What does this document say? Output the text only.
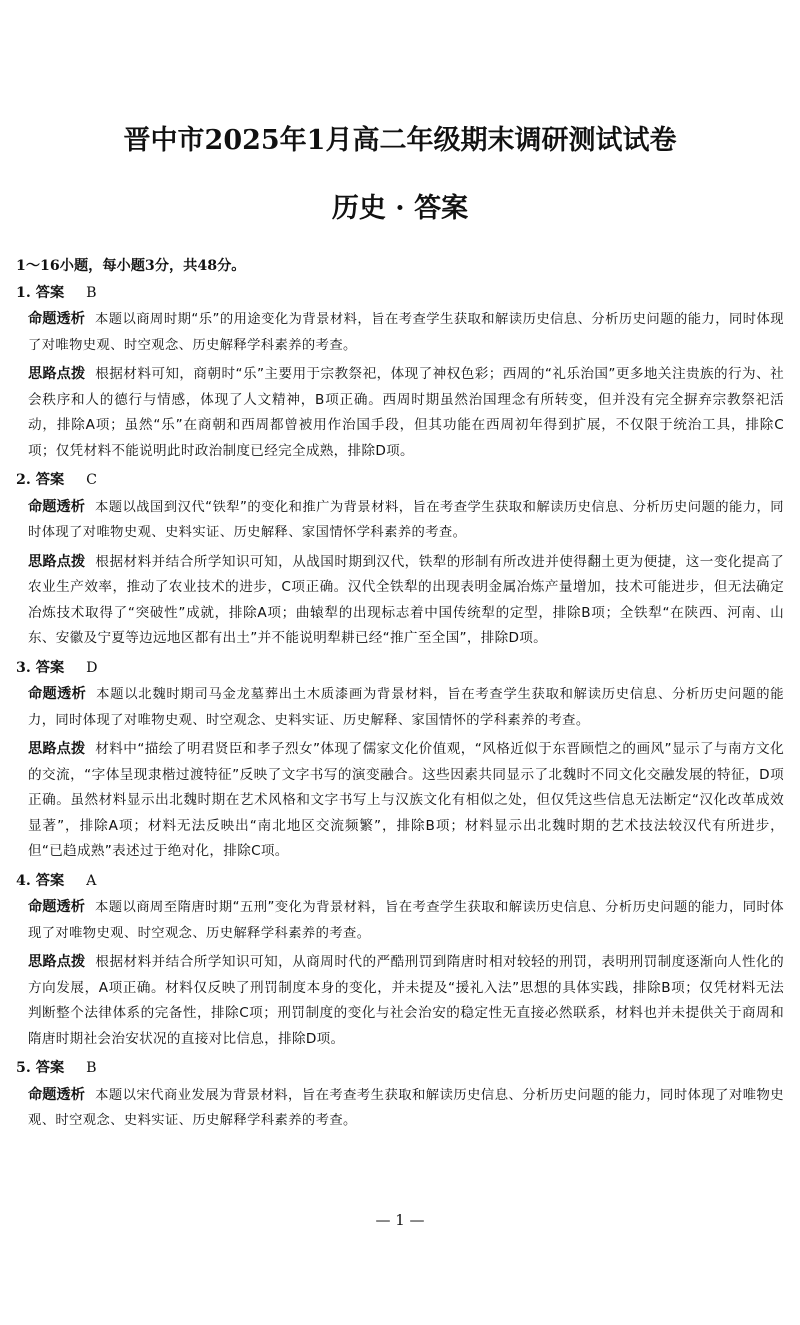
晋中市2025年1月高二年级期末调研测试试卷
历史 · 答案
1～16小题，每小题3分，共48分。
1. 答案 B
命题透析 本题以商周时期“乐”的用途变化为背景材料，旨在考查学生获取和解读历史信息、分析历史问题的能力，同时体现了对唯物史观、时空观念、历史解释学科素养的考查。
思路点拨 根据材料可知，商朝时“乐”主要用于宗教祭祀，体现了神权色彩；西周的“礼乐治国”更多地关注贵族的行为、社会秩序和人的德行与情感，体现了人文精神，B项正确。西周时期虽然治国理念有所转变，但并没有完全摒弃宗教祭祀活动，排除A项；虽然“乐”在商朝和西周都曾被用作治国手段，但其功能在西周初年得到扩展，不仅限于统治工具，排除C项；仅凭材料不能说明此时政治制度已经完全成熟，排除D项。
2. 答案 C
命题透析 本题以战国到汉代“铁犁”的变化和推广为背景材料，旨在考查学生获取和解读历史信息、分析历史问题的能力，同时体现了对唯物史观、史料实证、历史解释、家国情怀学科素养的考查。
思路点拨 根据材料并结合所学知识可知，从战国时期到汉代，铁犁的形制有所改进并使得翻土更为便捷，这一变化提高了农业生产效率，推动了农业技术的进步，C项正确。汉代全铁犁的出现表明金属冶炼产量增加，技术可能进步，但无法确定冶炼技术取得了“突破性”成就，排除A项；曲辕犁的出现标志着中国传统犁的定型，排除B项；全铁犁“在陕西、河南、山东、安徽及宁夏等边远地区都有出土”并不能说明犁耕已经“推广至全国”，排除D项。
3. 答案 D
命题透析 本题以北魏时期司马金龙墓葬出土木质漆画为背景材料，旨在考查学生获取和解读历史信息、分析历史问题的能力，同时体现了对唯物史观、时空观念、史料实证、历史解释、家国情怀的学科素养的考查。
思路点拨 材料中“描绘了明君贤臣和孝子烈女”体现了儒家文化价值观，“风格近似于东晋顾恺之的画风”显示了与南方文化的交流，“字体呈现隶楷过渡特征”反映了文字书写的演变融合。这些因素共同显示了北魏时不同文化交融发展的特征，D项正确。虽然材料显示出北魏时期在艺术风格和文字书写上与汉族文化有相似之处，但仅凭这些信息无法断定“汉化改革成效显著”，排除A项；材料无法反映出“南北地区交流频繁”，排除B项；材料显示出北魏时期的艺术技法较汉代有所进步，但“已趋成熟”表述过于绝对化，排除C项。
4. 答案 A
命题透析 本题以商周至隋唐时期“五刑”变化为背景材料，旨在考查学生获取和解读历史信息、分析历史问题的能力，同时体现了对唯物史观、时空观念、历史解释学科素养的考查。
思路点拨 根据材料并结合所学知识可知，从商周时代的严酷刑罚到隋唐时相对较轻的刑罚，表明刑罚制度逐渐向人性化的方向发展，A项正确。材料仅反映了刑罚制度本身的变化，并未提及“援礼入法”思想的具体实践，排除B项；仅凭材料无法判断整个法律体系的完备性，排除C项；刑罚制度的变化与社会治安的稳定性无直接必然联系，材料也并未提供关于商周和隋唐时期社会治安状况的直接对比信息，排除D项。
5. 答案 B
命题透析 本题以宋代商业发展为背景材料，旨在考查考生获取和解读历史信息、分析历史问题的能力，同时体现了对唯物史观、时空观念、史料实证、历史解释学科素养的考查。
— 1 —
